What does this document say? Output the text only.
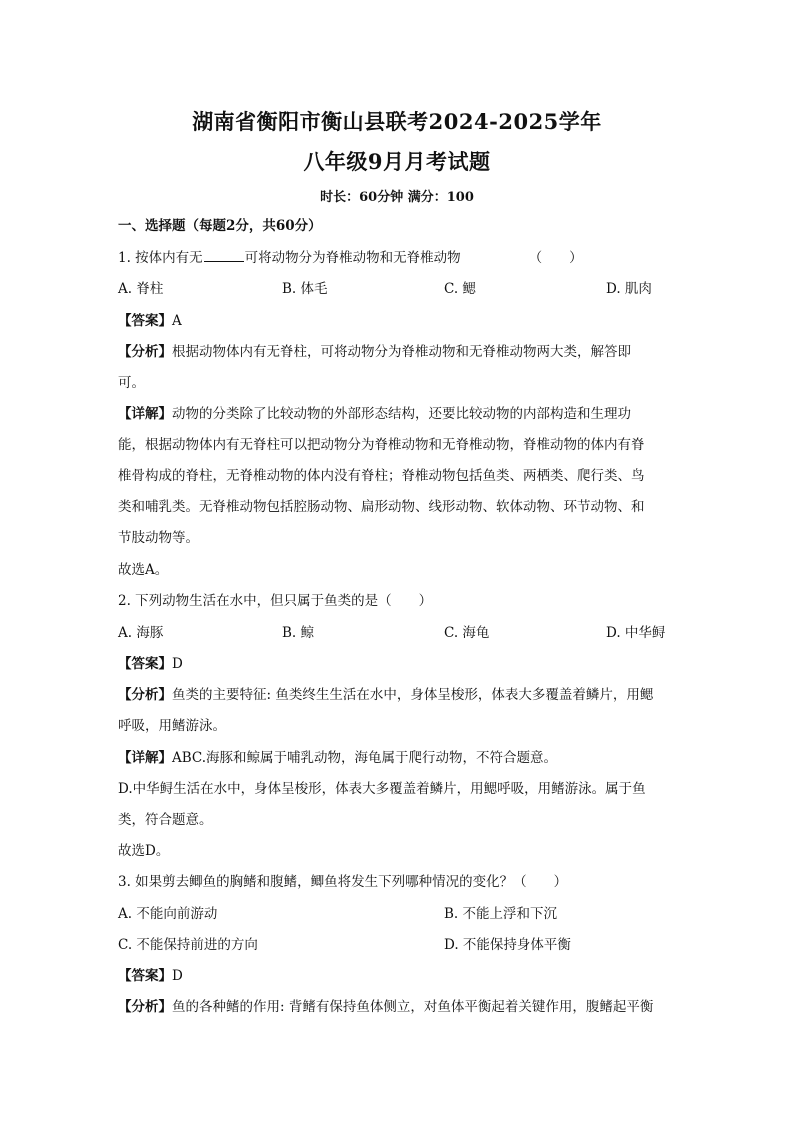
湖南省衡阳市衡山县联考2024-2025学年
八年级9月月考试题
时长：60分钟 满分：100
一、选择题（每题2分，共60分）
1. 按体内有无	可将动物分为脊椎动物和无脊椎动物	（　　）
A. 脊柱	B. 体毛	C. 鳃	D. 肌肉
【答案】A
【分析】根据动物体内有无脊柱，可将动物分为脊椎动物和无脊椎动物两大类，解答即
可。
【详解】动物的分类除了比较动物的外部形态结构，还要比较动物的内部构造和生理功
能，根据动物体内有无脊柱可以把动物分为脊椎动物和无脊椎动物，脊椎动物的体内有脊
椎骨构成的脊柱，无脊椎动物的体内没有脊柱；脊椎动物包括鱼类、两栖类、爬行类、鸟
类和哺乳类。无脊椎动物包括腔肠动物、扁形动物、线形动物、软体动物、环节动物、和
节肢动物等。
故选A。
2. 下列动物生活在水中，但只属于鱼类的是（　　）
A. 海豚	B. 鲸	C. 海龟	D. 中华鲟
【答案】D
【分析】鱼类的主要特征: 鱼类终生生活在水中，身体呈梭形，体表大多覆盖着鳞片，用鳃
呼吸，用鳍游泳。
【详解】ABC.海豚和鲸属于哺乳动物，海龟属于爬行动物，不符合题意。
D.中华鲟生活在水中，身体呈梭形，体表大多覆盖着鳞片，用鳃呼吸，用鳍游泳。属于鱼
类，符合题意。
故选D。
3. 如果剪去鲫鱼的胸鳍和腹鳍，鲫鱼将发生下列哪种情况的变化？（　　）
A. 不能向前游动	B. 不能上浮和下沉
C. 不能保持前进的方向	D. 不能保持身体平衡
【答案】D
【分析】鱼的各种鳍的作用: 背鳍有保持鱼体侧立，对鱼体平衡起着关键作用，腹鳍起平衡
